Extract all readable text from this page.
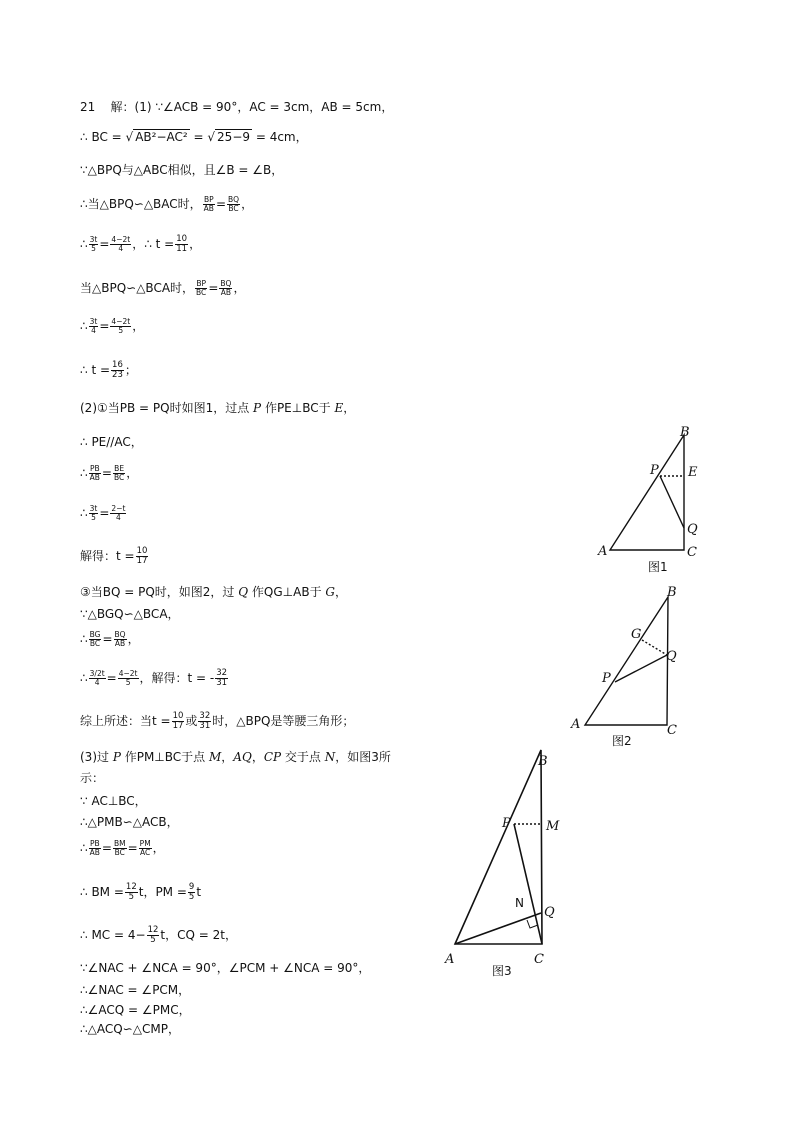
21 解：(1) ∵∠ACB = 90°，AC = 3cm，AB = 5cm，
∴ BC = √ AB²−AC² = √ 25−9 = 4cm，
∵△BPQ与△ABC相似，且∠B = ∠B，
∴当△BPQ∽△BAC时， $\frac{BP}{AB} = \frac{BQ}{BC}$ ，
∴ $\frac{3t}{5} = \frac{4-2t}{4}$ ，∴ $t = \frac{10}{11}$ ，
当△BPQ∽△BCA时， $\frac{BP}{BC} = \frac{BQ}{AB}$ ，
∴ $\frac{3t}{4} = \frac{4-2t}{5}$ ，
∴ $t = \frac{16}{23}$ ；
(2)①当PB = PQ时如图1，过点 P 作PE⊥BC于 E，
∴ PE//AC，
∴ $\frac{PB}{AB} = \frac{BE}{BC}$ ，
∴ $\frac{3t}{5} = \frac{2-t}{4}$
解得：$t = \frac{10}{17}$
③当BQ = PQ时，如图2，过 Q 作QG⊥AB于 G，
∵△BGQ∽△BCA，
∴ $\frac{BG}{BC} = \frac{BQ}{AB}$ ，
∴ $\frac{3/2t}{4} = \frac{4-2t}{5}$ ，解得：t = - $\frac{32}{31}$
综上所述：当$t = \frac{10}{17}$ 或 $\frac{32}{31}$ 时，△BPQ是等腰三角形；
(3)过 P 作PM⊥BC于点 M，AQ，CP 交于点 N，如图3所
示：
∵ AC⊥BC，
∴△PMB∽△ACB，
∴ $\frac{PB}{AB} = \frac{BM}{BC} = \frac{PM}{AC}$ ，
∴ BM = $\frac{12}{5}$ t，PM = $\frac{9}{5}$ t
∴ MC = $4- \frac{12}{5}$ t，CQ = 2t，
∵∠NAC + ∠NCA = 90°，∠PCM + ∠NCA = 90°，
∴∠NAC = ∠PCM，
∴∠ACQ = ∠PMC，
∴△ACQ∽△CMP，
B
P E
Q
A	C
图1
B
G
Q
P
A	C
图2
B
P	M
N
Q
A	C
图3
